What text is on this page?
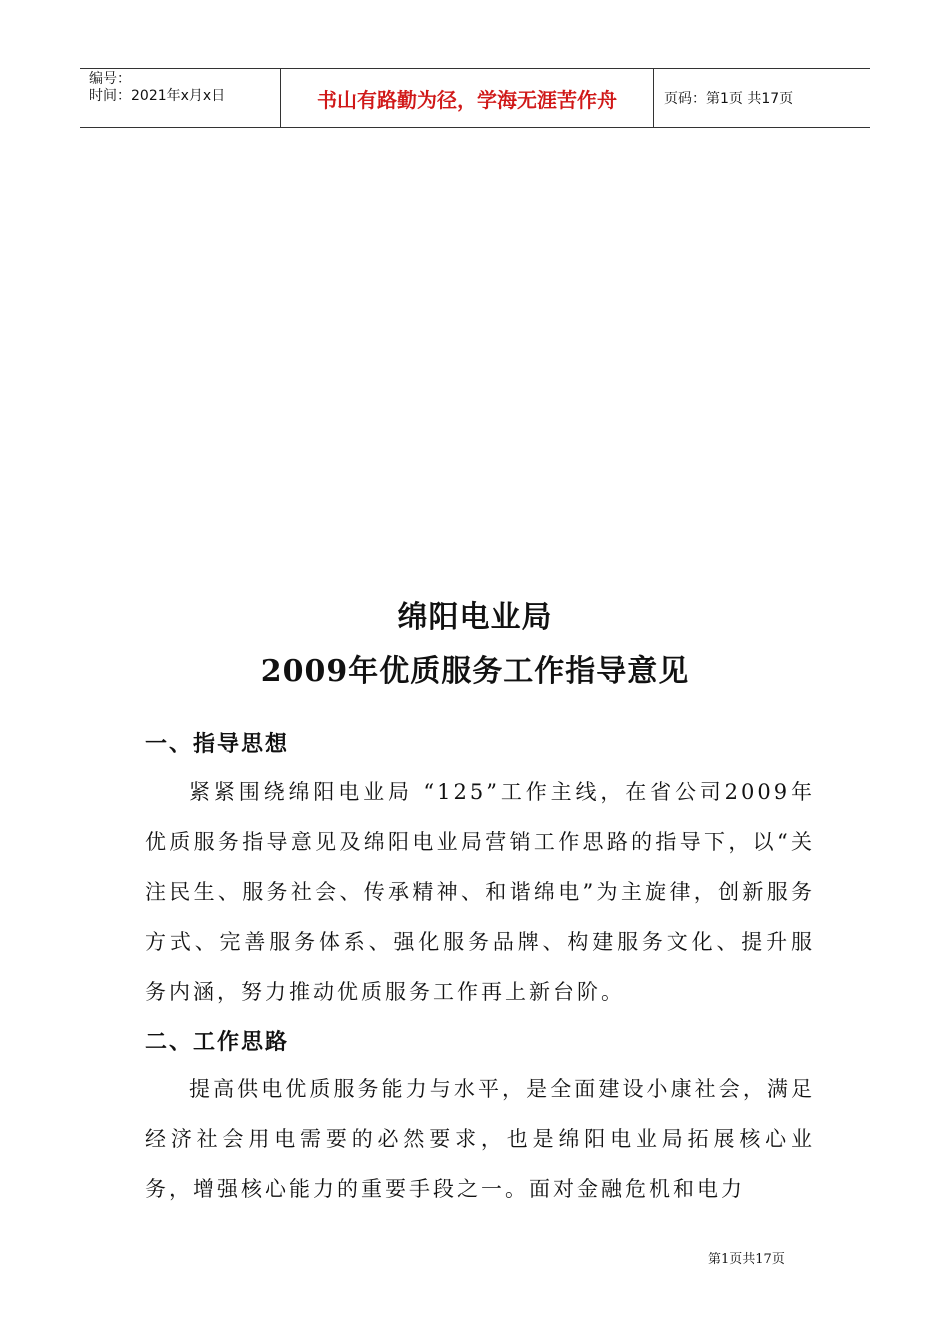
编号：
时间：2021年x月x日	书山有路勤为径，学海无涯苦作舟	页码：第1页 共17页
绵阳电业局
2009年优质服务工作指导意见
一、指导思想

紧紧围绕绵阳电业局 “125”工作主线，在省公司2009年优质服务指导意见及绵阳电业局营销工作思路的指导下，以“关注民生、服务社会、传承精神、和谐绵电”为主旋律，创新服务方式、完善服务体系、强化服务品牌、构建服务文化、提升服务内涵，努力推动优质服务工作再上新台阶。

二、工作思路

提高供电优质服务能力与水平，是全面建设小康社会，满足经济社会用电需要的必然要求，也是绵阳电业局拓展核心业务，增强核心能力的重要手段之一。面对金融危机和电力

第1页共17页
